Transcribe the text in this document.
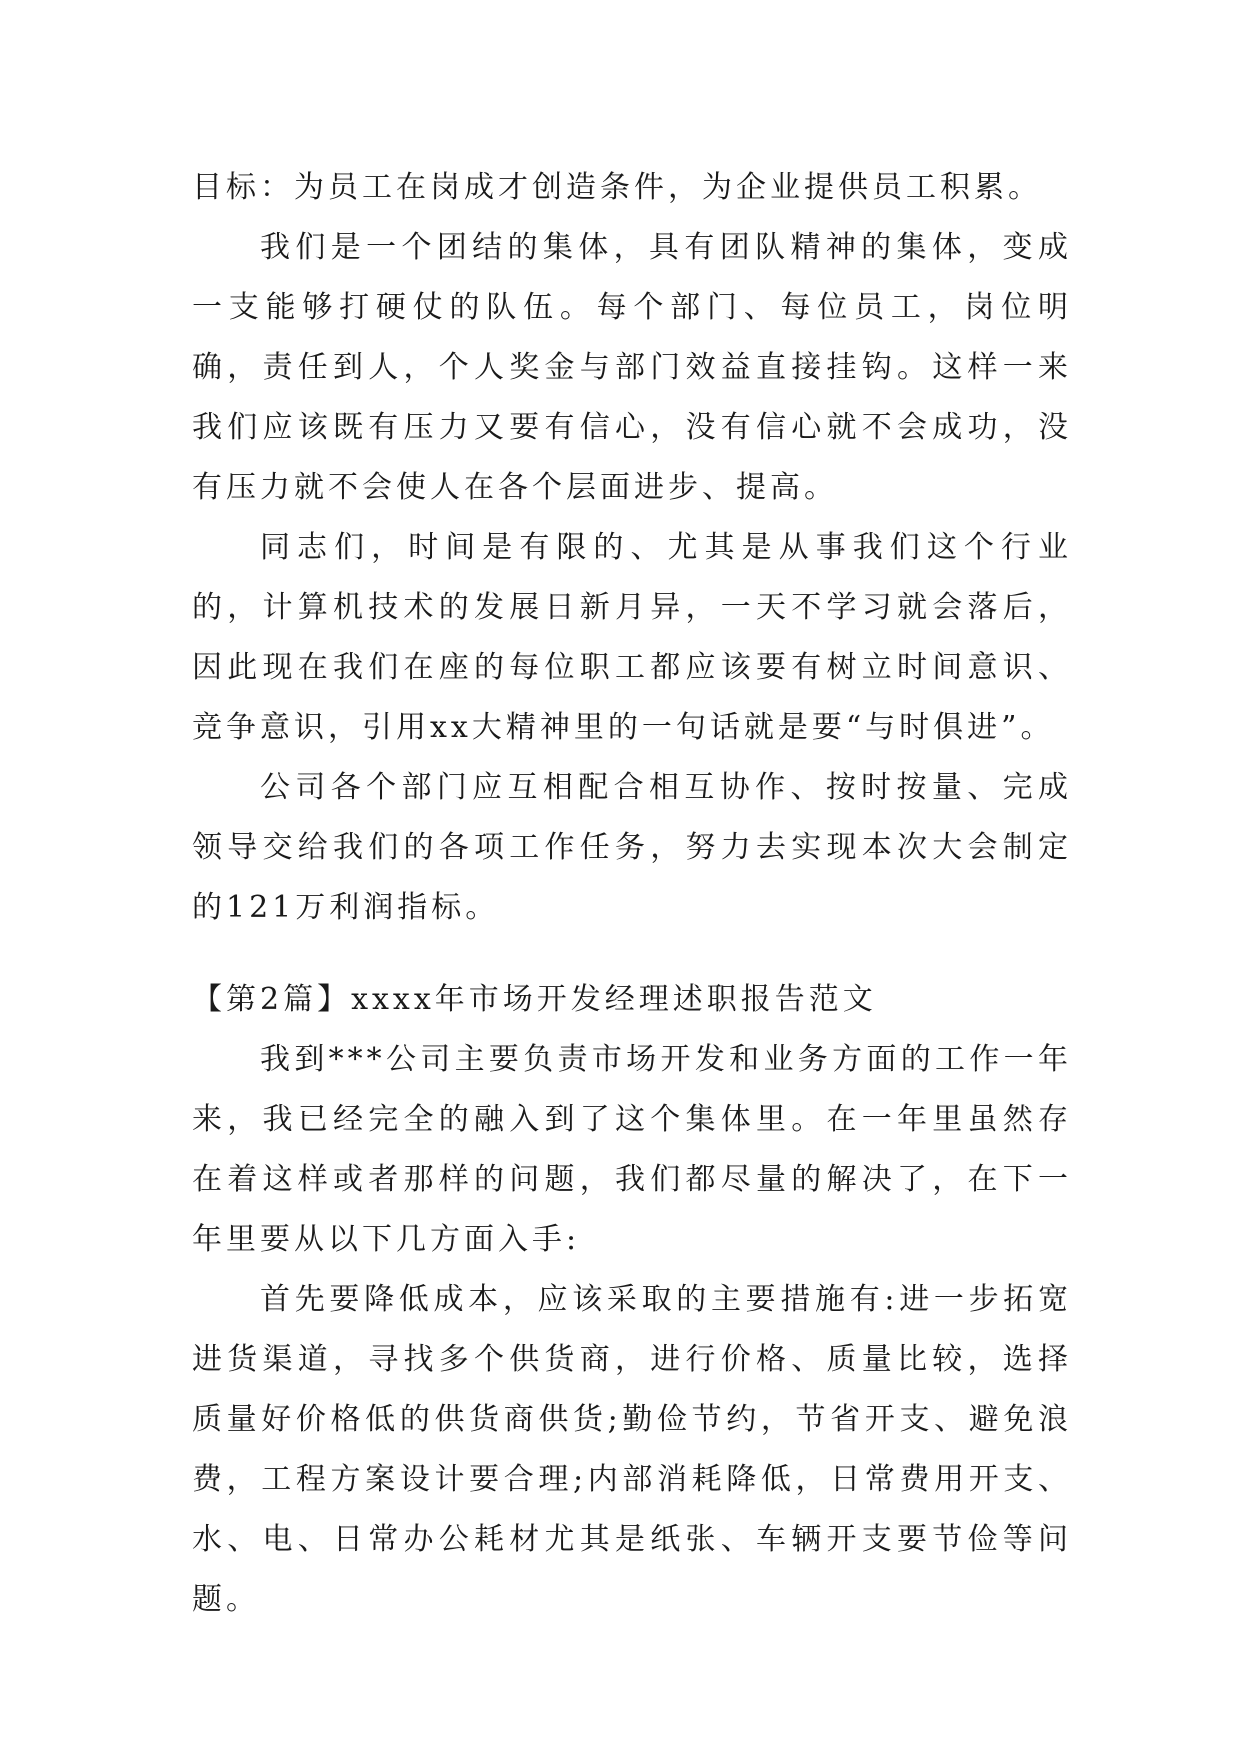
目标：为员工在岗成才创造条件，为企业提供员工积累。

我们是一个团结的集体，具有团队精神的集体，变成一支能够打硬仗的队伍。每个部门、每位员工，岗位明确，责任到人，个人奖金与部门效益直接挂钩。这样一来我们应该既有压力又要有信心，没有信心就不会成功，没有压力就不会使人在各个层面进步、提高。

同志们，时间是有限的、尤其是从事我们这个行业的，计算机技术的发展日新月异，一天不学习就会落后，因此现在我们在座的每位职工都应该要有树立时间意识、竞争意识，引用xx大精神里的一句话就是要“与时俱进”。

公司各个部门应互相配合相互协作、按时按量、完成领导交给我们的各项工作任务，努力去实现本次大会制定的121万利润指标。

【第2篇】xxxx年市场开发经理述职报告范文

我到***公司主要负责市场开发和业务方面的工作一年来，我已经完全的融入到了这个集体里。在一年里虽然存在着这样或者那样的问题，我们都尽量的解决了，在下一年里要从以下几方面入手:

首先要降低成本，应该采取的主要措施有:进一步拓宽进货渠道，寻找多个供货商，进行价格、质量比较，选择质量好价格低的供货商供货;勤俭节约，节省开支、避免浪费，工程方案设计要合理;内部消耗降低，日常费用开支、水、电、日常办公耗材尤其是纸张、车辆开支要节俭等问题。
